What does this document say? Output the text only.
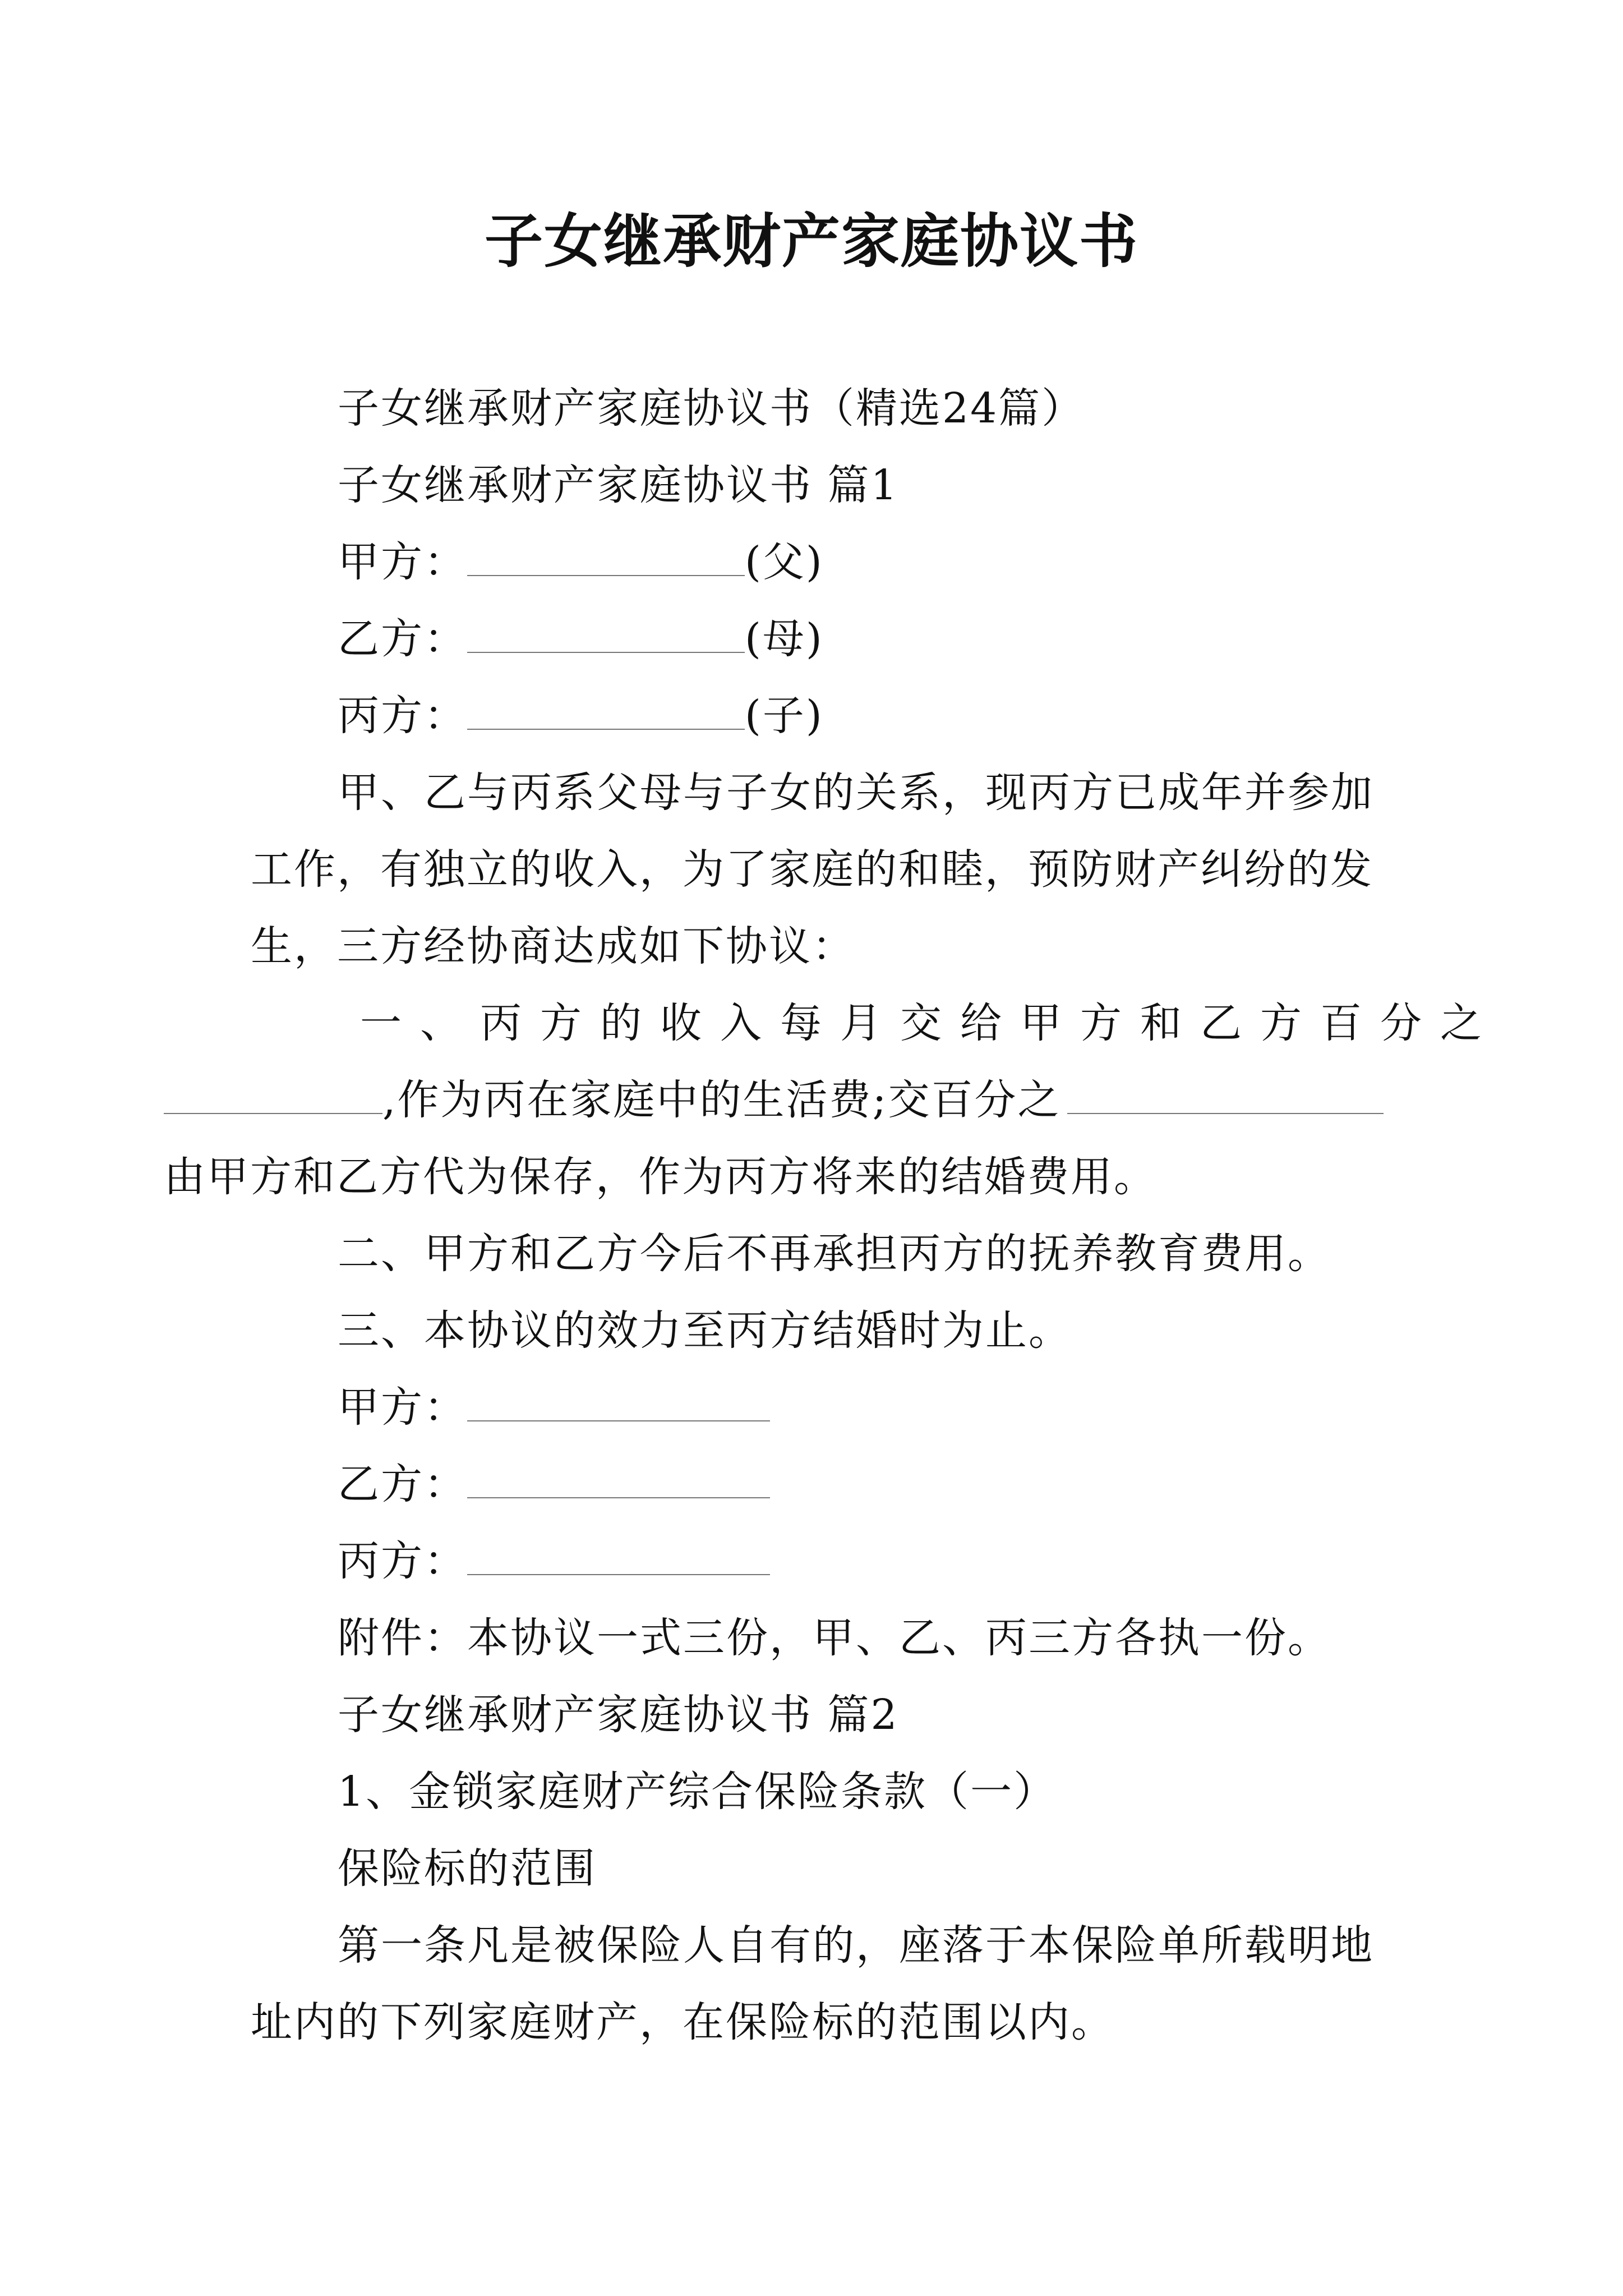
子女继承财产家庭协议书

子女继承财产家庭协议书（精选24篇）

子女继承财产家庭协议书 篇1

甲方：	(父)

乙方：	(母)

丙方：	(子)

甲、乙与丙系父母与子女的关系，现丙方已成年并参加

工作，有独立的收入，为了家庭的和睦，预防财产纠纷的发

生，三方经协商达成如下协议：

一、丙方的收入每月交给甲方和乙方百分之

,作为丙在家庭中的生活费;交百分之

由甲方和乙方代为保存，作为丙方将来的结婚费用。

二、甲方和乙方今后不再承担丙方的抚养教育费用。

三、本协议的效力至丙方结婚时为止。

甲方：

乙方：

丙方：

附件：本协议一式三份，甲、乙、丙三方各执一份。

子女继承财产家庭协议书 篇2

1、金锁家庭财产综合保险条款（一）

保险标的范围

第一条凡是被保险人自有的，座落于本保险单所载明地

址内的下列家庭财产，在保险标的范围以内。
